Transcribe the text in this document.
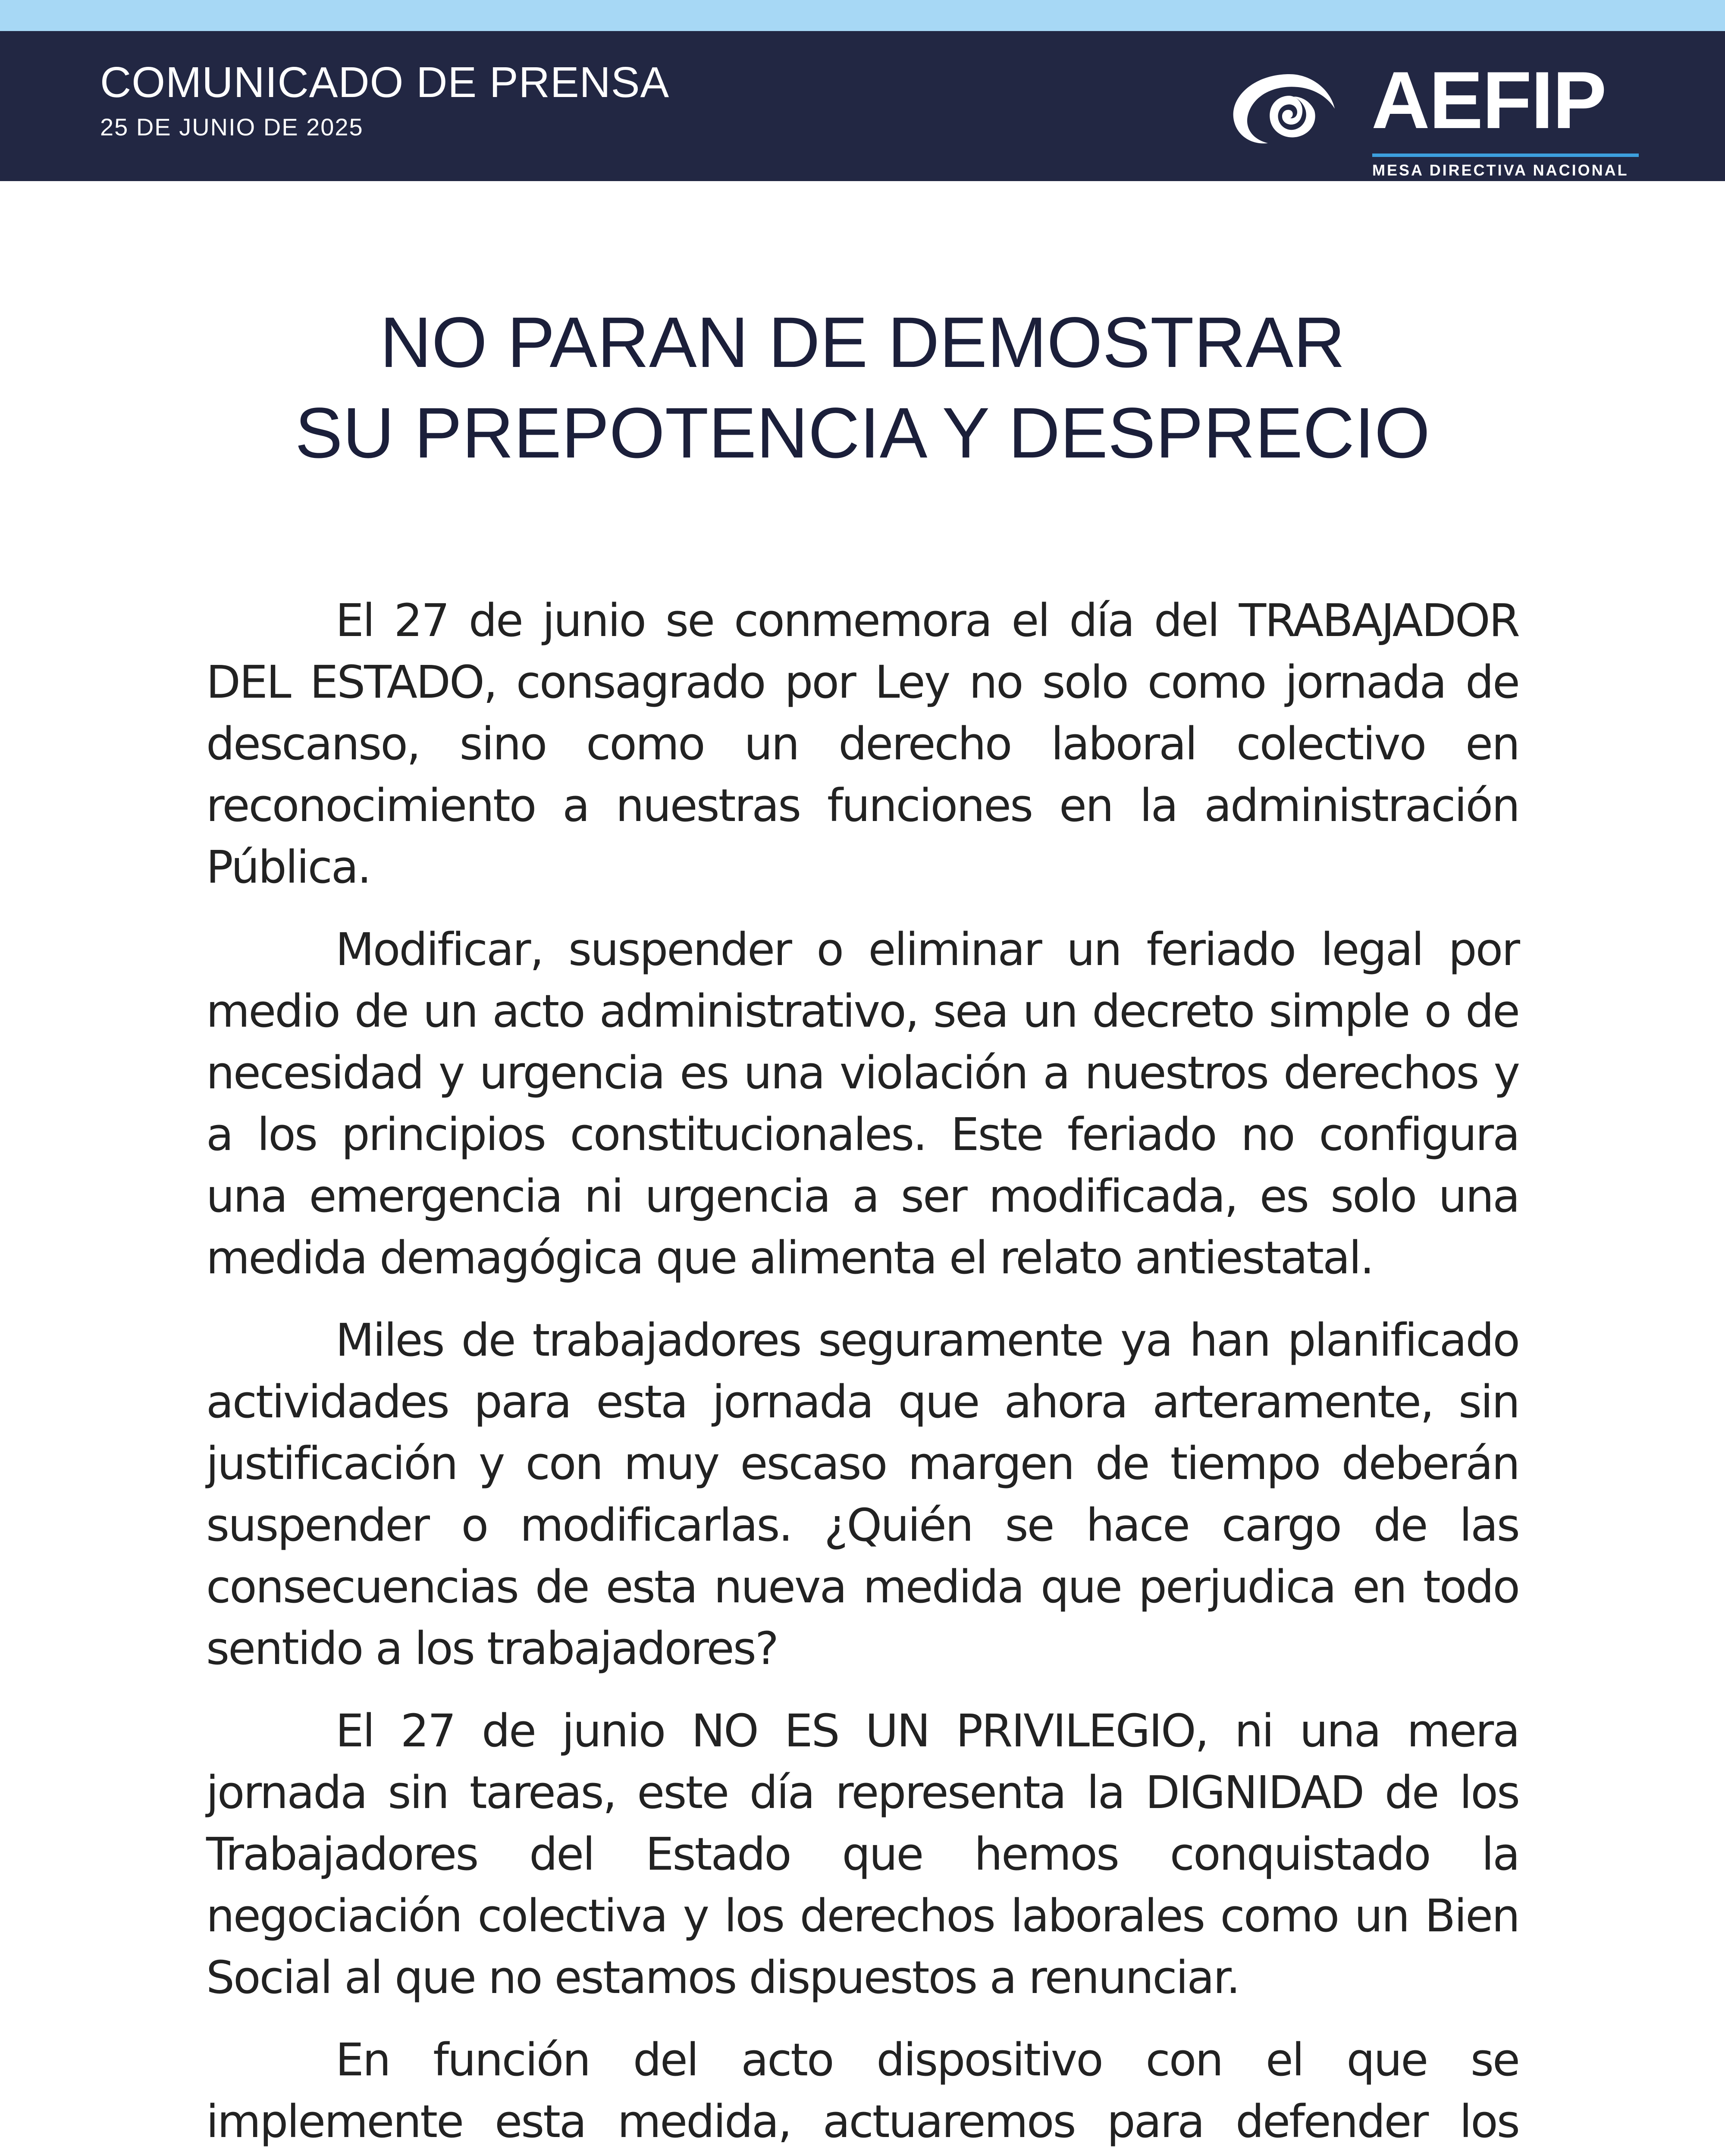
COMUNICADO DE PRENSA
25 DE JUNIO DE 2025	AEFIP
MESA DIRECTIVA NACIONAL
NO PARAN DE DEMOSTRAR
SU PREPOTENCIA Y DESPRECIO

El 27 de junio se conmemora el día del TRABAJADOR DEL ESTADO, consagrado por Ley no solo como jornada de descanso, sino como un derecho laboral colectivo en reconocimiento a nuestras funciones en la administración Pública.

Modificar, suspender o eliminar un feriado legal por medio de un acto administrativo, sea un decreto simple o de necesidad y urgencia es una violación a nuestros derechos y a los principios constitucionales. Este feriado no configura una emergencia ni urgencia a ser modificada, es solo una medida demagógica que alimenta el relato antiestatal.

Miles de trabajadores seguramente ya han planificado actividades para esta jornada que ahora arteramente, sin justificación y con muy escaso margen de tiempo deberán suspender o modificarlas. ¿Quién se hace cargo de las consecuencias de esta nueva medida que perjudica en todo sentido a los trabajadores?

El 27 de junio NO ES UN PRIVILEGIO, ni una mera jornada sin tareas, este día representa la DIGNIDAD de los Trabajadores del Estado que hemos conquistado la negociación colectiva y los derechos laborales como un Bien Social al que no estamos dispuestos a renunciar.

En función del acto dispositivo con el que se implemente esta medida, actuaremos para defender los
